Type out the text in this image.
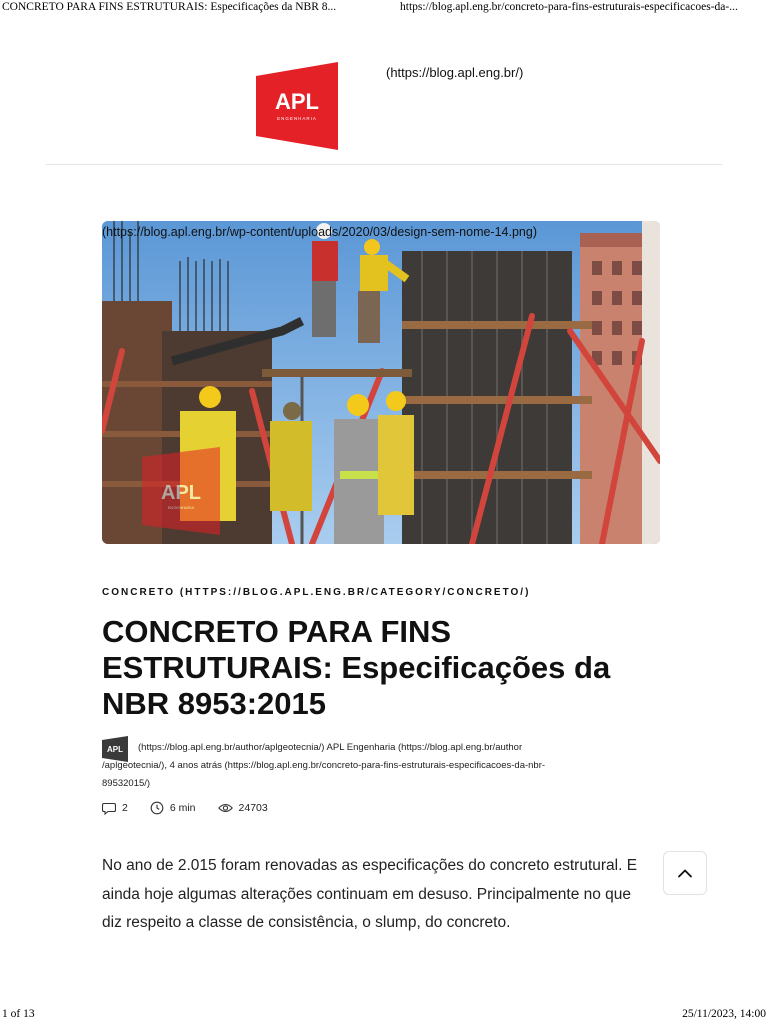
CONCRETO PARA FINS ESTRUTURAIS: Especificações da NBR 8...	https://blog.apl.eng.br/concreto-para-fins-estruturais-especificacoes-da-...
APL
ENGENHARIA
(https://blog.apl.eng.br/)
APL
ENGENHARIA
(https://blog.apl.eng.br/wp-content/uploads/2020/03/design-sem-nome-14.png)
CONCRETO (HTTPS://BLOG.APL.ENG.BR/CATEGORY/CONCRETO/)
CONCRETO PARA FINS ESTRUTURAIS: Especificações da NBR 8953:2015
APL	(https://blog.apl.eng.br/author/aplgeotecnia/) APL Engenharia (https://blog.apl.eng.br/author /aplgeotecnia/), 4 anos atrás (https://blog.apl.eng.br/concreto-para-fins-estruturais-especificacoes-da-nbr-89532015/)
2	6 min	24703

No ano de 2.015 foram renovadas as especificações do concreto estrutural. E ainda hoje algumas alterações continuam em desuso. Principalmente no que diz respeito a classe de consistência, o slump, do concreto.

1 of 13	25/11/2023, 14:00
